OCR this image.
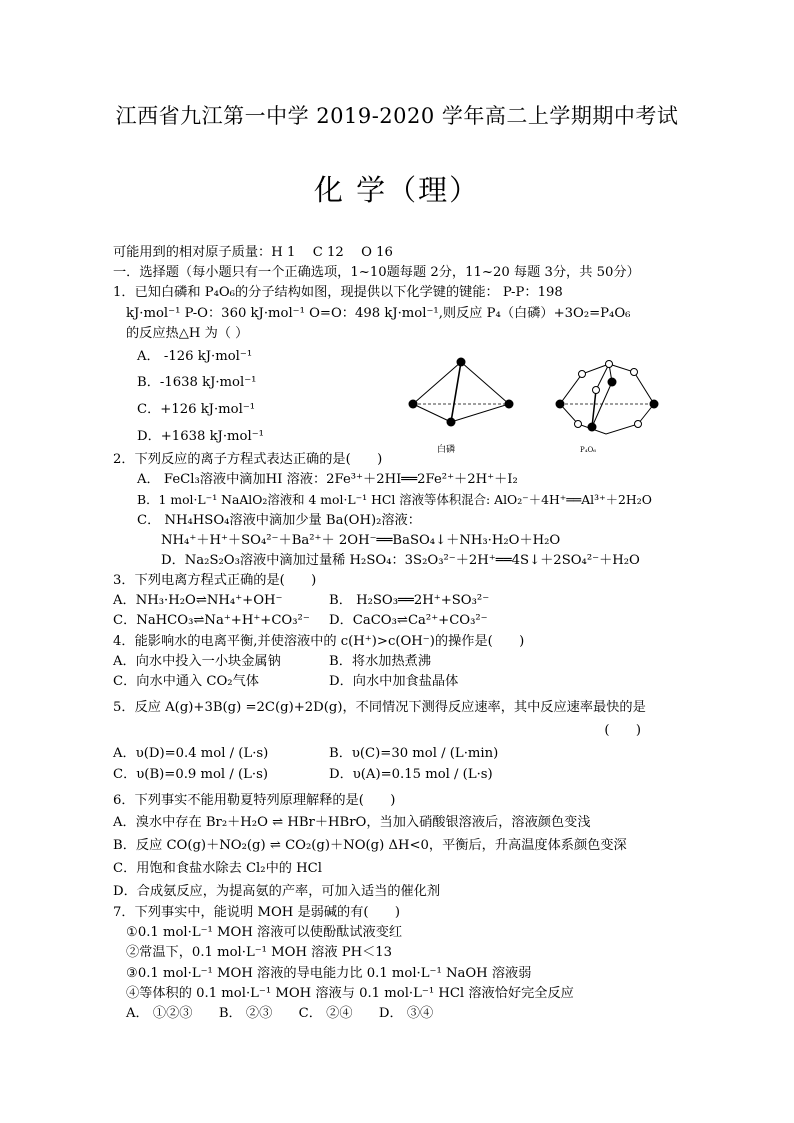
江西省九江第一中学 2019-2020 学年高二上学期期中考试
化 学（理）
白磷	P₄O₆
可能用到的相对原子质量：H 1　 C 12　 O 16
一．选择题（每小题只有一个正确选项，1~10题每题 2分，11~20 每题 3分，共 50分）
1．已知白磷和 P₄O₆的分子结构如图，现提供以下化学键的键能： P-P：198
kJ·mol⁻¹ P-O：360 kJ·mol⁻¹ O=O：498 kJ·mol⁻¹,则反应 P₄（白磷）+3O₂=P₄O₆
的反应热△H 为（ ）
A． -126 kJ·mol⁻¹
B．-1638 kJ·mol⁻¹
C．+126 kJ·mol⁻¹
D．+1638 kJ·mol⁻¹
2．下列反应的离子方程式表达正确的是(　　)
A． FeCl₃溶液中滴加HI 溶液：2Fe³⁺＋2HI══2Fe²⁺＋2H⁺＋I₂
B．1 mol·L⁻¹ NaAlO₂溶液和 4 mol·L⁻¹ HCl 溶液等体积混合: AlO₂⁻＋4H⁺══Al³⁺＋2H₂O
C． NH₄HSO₄溶液中滴加少量 Ba(OH)₂溶液：
NH₄⁺＋H⁺＋SO₄²⁻＋Ba²⁺＋ 2OH⁻══BaSO₄↓＋NH₃·H₂O＋H₂O
D．Na₂S₂O₃溶液中滴加过量稀 H₂SO₄：3S₂O₃²⁻＋2H⁺══4S↓＋2SO₄²⁻＋H₂O
3．下列电离方程式正确的是(　　)
A．NH₃·H₂O⇌NH₄⁺+OH⁻	B． H₂SO₃══2H⁺+SO₃²⁻
C．NaHCO₃⇌Na⁺+H⁺+CO₃²⁻	D．CaCO₃⇌Ca²⁺+CO₃²⁻
4．能影响水的电离平衡,并使溶液中的 c(H⁺)>c(OH⁻)的操作是(　　)
A．向水中投入一小块金属钠	B．将水加热煮沸
C．向水中通入 CO₂气体	D．向水中加食盐晶体
5．反应 A(g)+3B(g) =2C(g)+2D(g)，不同情况下测得反应速率，其中反应速率最快的是
(　　)
A．υ(D)=0.4 mol / (L·s)	B．υ(C)=30 mol / (L·min)
C．υ(B)=0.9 mol / (L·s)	D．υ(A)=0.15 mol / (L·s)
6．下列事实不能用勒夏特列原理解释的是(　　)
A．溴水中存在 Br₂＋H₂O ⇌ HBr＋HBrO，当加入硝酸银溶液后，溶液颜色变浅
B．反应 CO(g)＋NO₂(g) ⇌ CO₂(g)＋NO(g) ΔH<0，平衡后，升高温度体系颜色变深
C．用饱和食盐水除去 Cl₂中的 HCl
D．合成氨反应，为提高氨的产率，可加入适当的催化剂
7．下列事实中，能说明 MOH 是弱碱的有(　　)
①0.1 mol·L⁻¹ MOH 溶液可以使酚酞试液变红
②常温下，0.1 mol·L⁻¹ MOH 溶液 PH＜13
③0.1 mol·L⁻¹ MOH 溶液的导电能力比 0.1 mol·L⁻¹ NaOH 溶液弱
④等体积的 0.1 mol·L⁻¹ MOH 溶液与 0.1 mol·L⁻¹ HCl 溶液恰好完全反应
A． ①②③　　B． ②③　　C． ②④　　D． ③④
